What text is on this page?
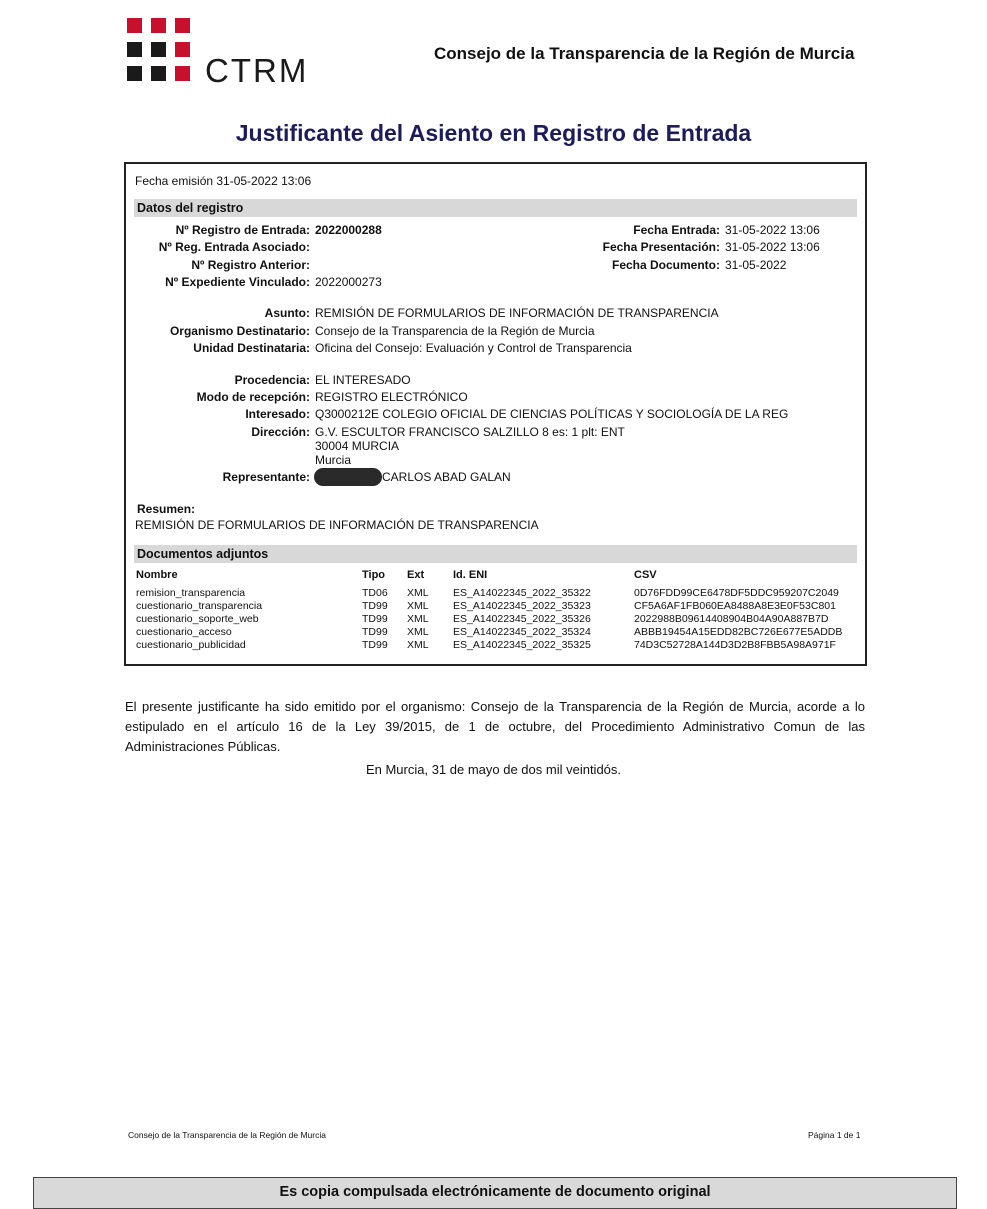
CTRM	Consejo de la Transparencia de la Región de Murcia
Justificante del Asiento en Registro de Entrada
Fecha emisión 31-05-2022 13:06
Datos del registro
Nº Registro de Entrada: 2022000288
Nº Reg. Entrada Asociado:
Nº Registro Anterior:
Nº Expediente Vinculado: 2022000273
Fecha Entrada: 31-05-2022 13:06
Fecha Presentación: 31-05-2022 13:06
Fecha Documento: 31-05-2022
Asunto: REMISIÓN DE FORMULARIOS DE INFORMACIÓN DE TRANSPARENCIA
Organismo Destinatario: Consejo de la Transparencia de la Región de Murcia
Unidad Destinataria: Oficina del Consejo: Evaluación y Control de Transparencia
Procedencia: EL INTERESADO
Modo de recepción: REGISTRO ELECTRÓNICO
Interesado: Q3000212E COLEGIO OFICIAL DE CIENCIAS POLÍTICAS Y SOCIOLOGÍA DE LA REG
Dirección: G.V. ESCULTOR FRANCISCO SALZILLO 8 es: 1 plt: ENT
30004 MURCIA
Murcia
Representante:	CARLOS ABAD GALAN
Resumen:
REMISIÓN DE FORMULARIOS DE INFORMACIÓN DE TRANSPARENCIA
Documentos adjuntos
Nombre	Tipo Ext	Id. ENI	CSV
remision_transparencia	TD06 XML ES_A14022345_2022_35322	0D76FDD99CE6478DF5DDC959207C2049
cuestionario_transparencia	TD99 XML ES_A14022345_2022_35323	CF5A6AF1FB060EA8488A8E3E0F53C801
cuestionario_soporte_web	TD99 XML ES_A14022345_2022_35326	2022988B09614408904B04A90A887B7D
cuestionario_acceso	TD99 XML ES_A14022345_2022_35324	ABBB19454A15EDD82BC726E677E5ADDB
cuestionario_publicidad	TD99 XML ES_A14022345_2022_35325	74D3C52728A144D3D2B8FBB5A98A971F
El presente justificante ha sido emitido por el organismo: Consejo de la Transparencia de la Región de Murcia, acorde a lo estipulado en el artículo 16 de la Ley 39/2015, de 1 de octubre, del Procedimiento Administrativo Comun de las Administraciones Públicas.
En Murcia, 31 de mayo de dos mil veintidós.
Consejo de la Transparencia de la Región de Murcia	Página 1 de 1
Es copia compulsada electrónicamente de documento original
